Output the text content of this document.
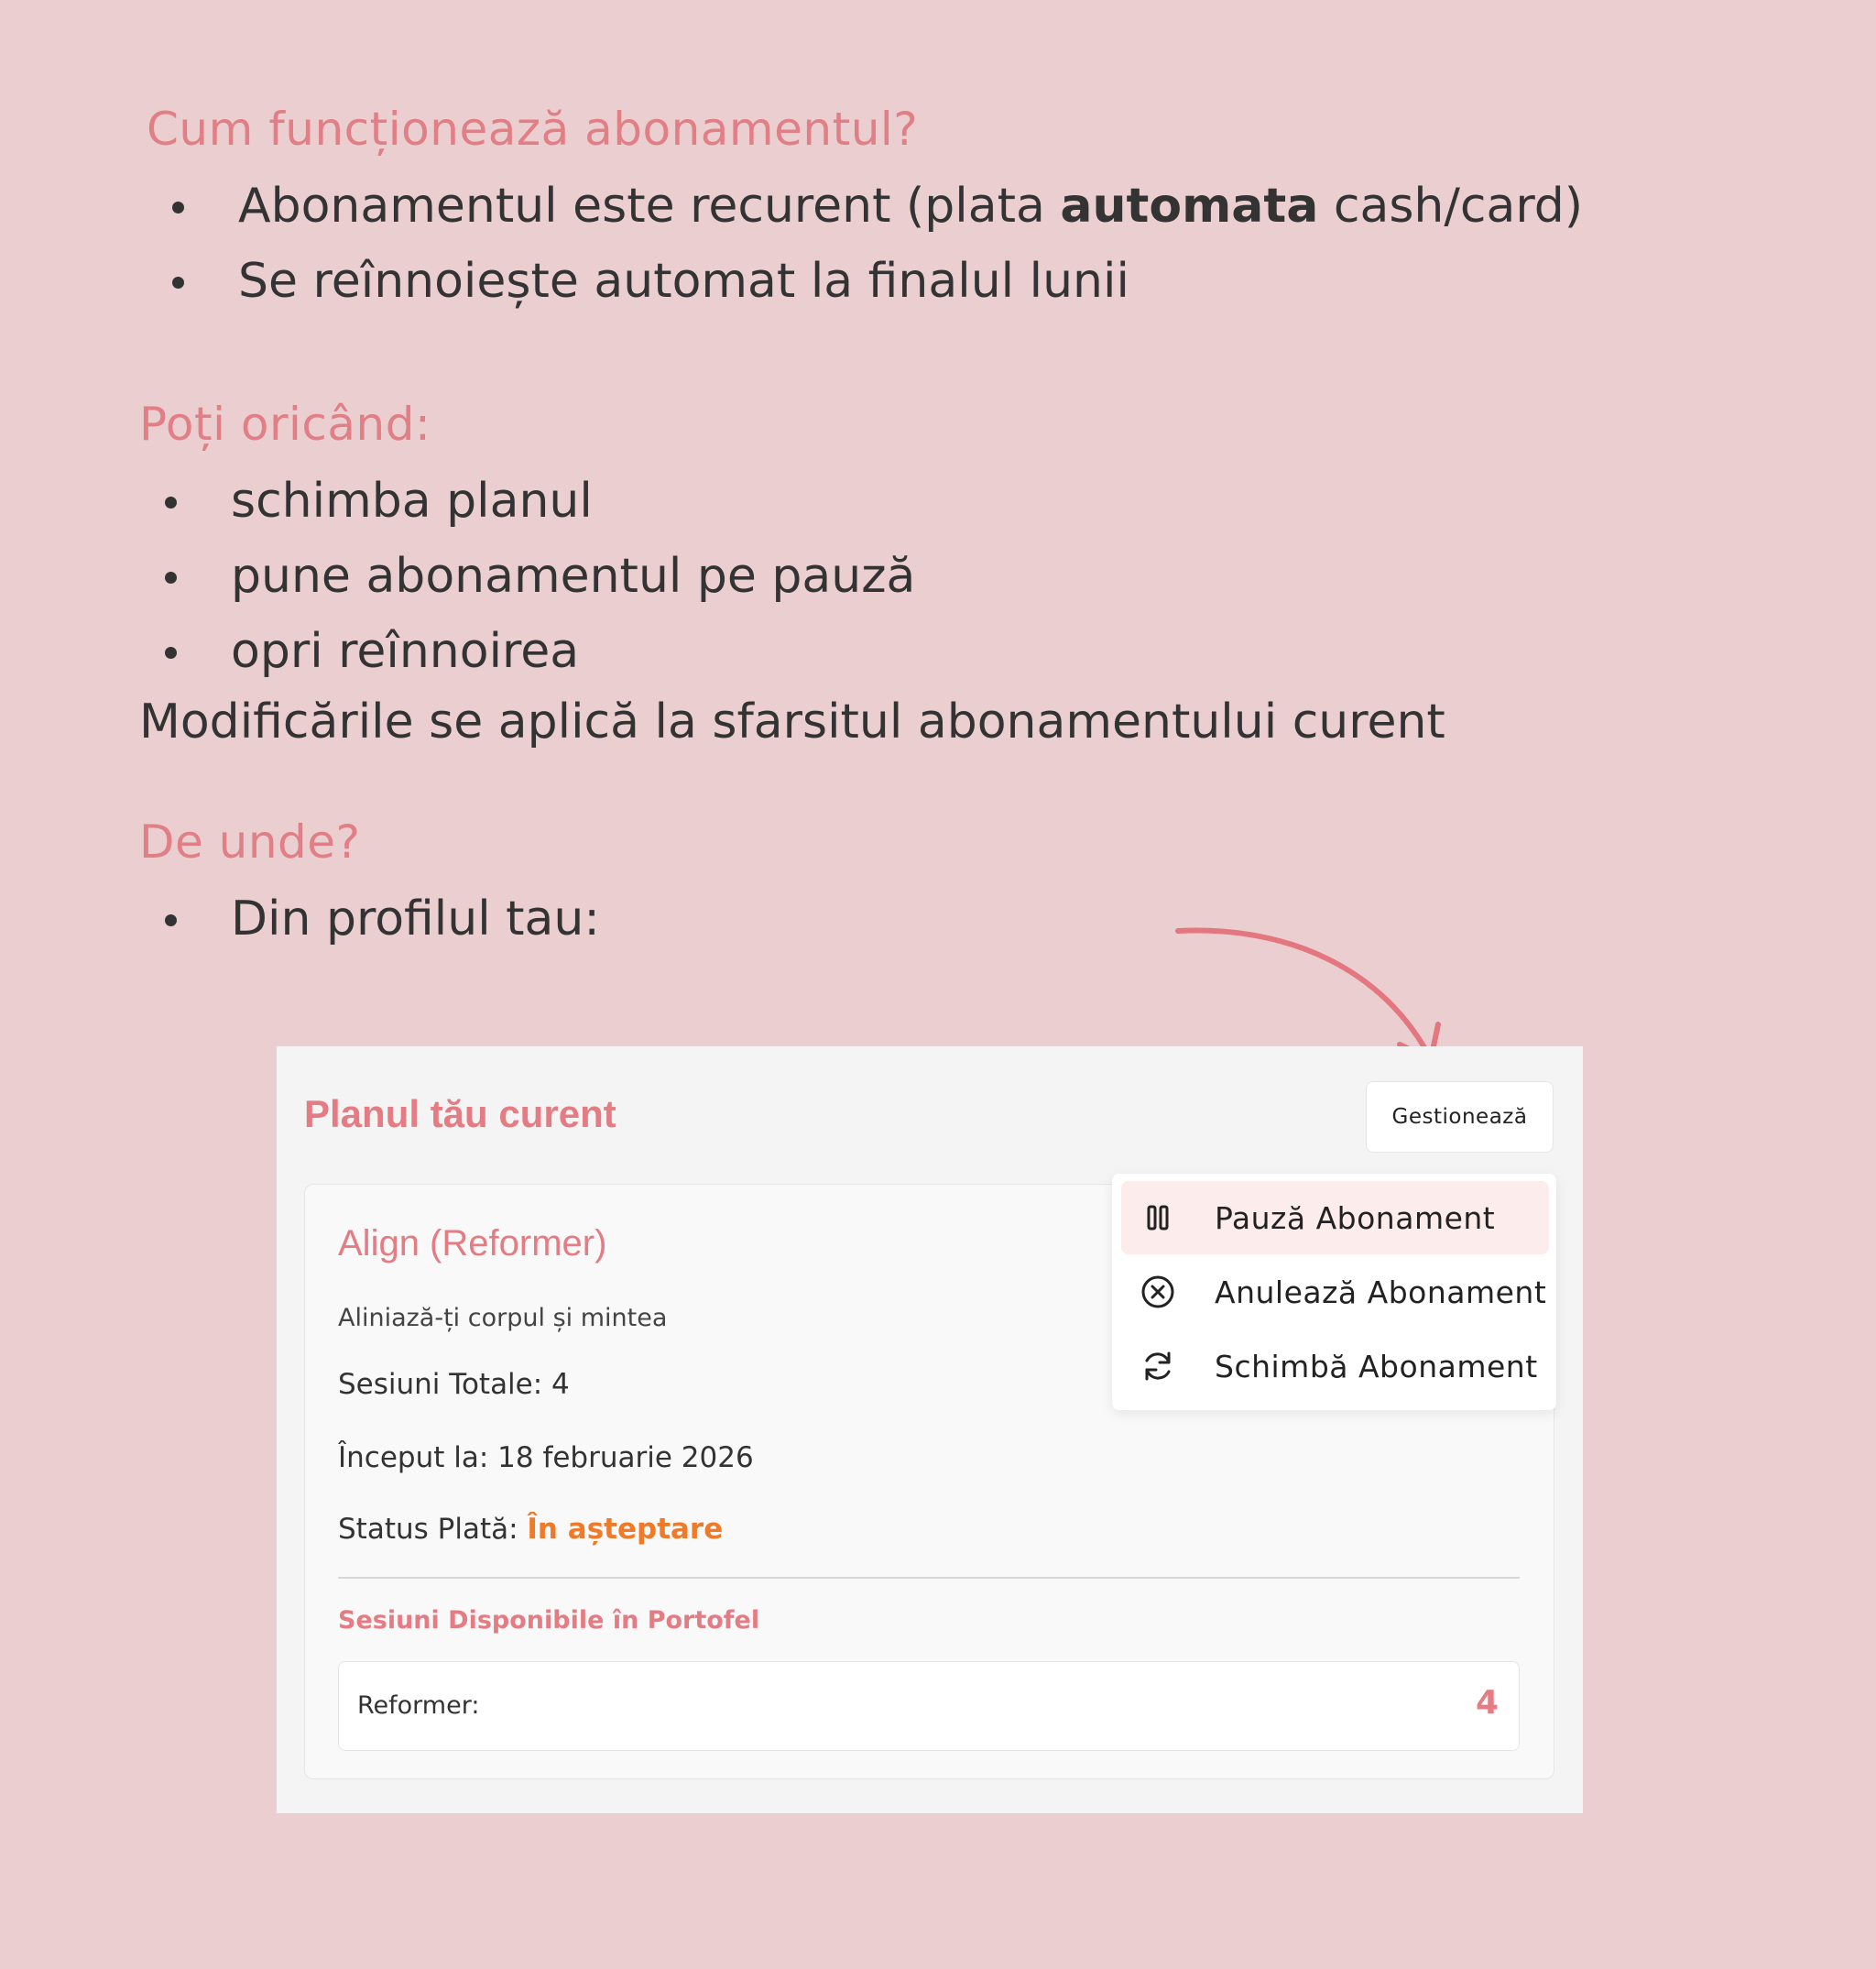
Cum funcționează abonamentul?
Abonamentul este recurent (plata automata cash/card)
Se reînnoiește automat la finalul lunii
Poți oricând:
schimba planul
pune abonamentul pe pauză
opri reînnoirea
Modificările se aplică la sfarsitul abonamentului curent
De unde?
Din profilul tau:
Planul tău curent	Gestionează
Align (Reformer)
Aliniază-ți corpul și mintea
Sesiuni Totale: 4
Început la: 18 februarie 2026
Status Plată: În așteptare
Sesiuni Disponibile în Portofel
Reformer:	4
Pauză Abonament
Anulează Abonament
Schimbă Abonament
